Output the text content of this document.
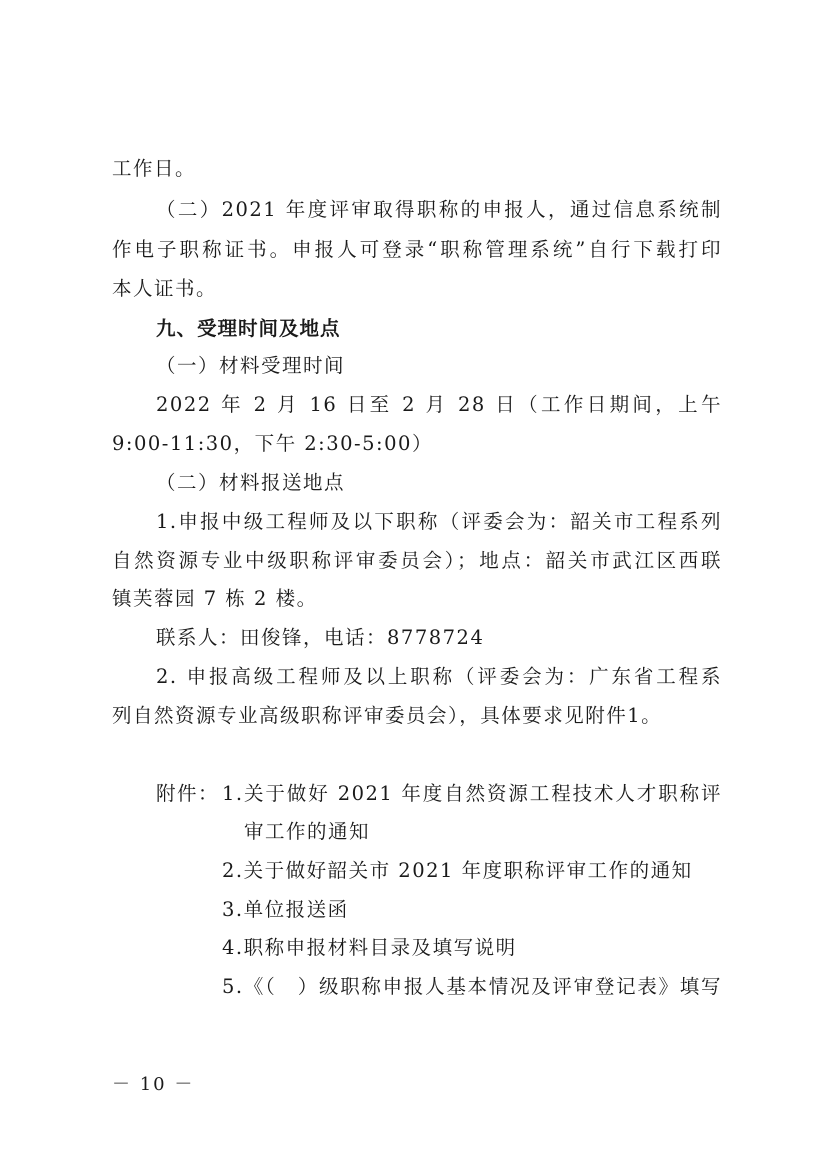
工作日。
（二）2021 年度评审取得职称的申报人，通过信息系统制
作电子职称证书。申报人可登录“职称管理系统”自行下载打印
本人证书。
九、受理时间及地点
（一）材料受理时间
2022 年 2 月 16 日至 2 月 28 日（工作日期间，上午
9:00-11:30，下午 2:30-5:00）
（二）材料报送地点
1.申报中级工程师及以下职称（评委会为：韶关市工程系列
自然资源专业中级职称评审委员会）；地点：韶关市武江区西联
镇芙蓉园 7 栋 2 楼。
联系人：田俊锋，电话：8778724
2. 申报高级工程师及以上职称（评委会为：广东省工程系
列自然资源专业高级职称评审委员会），具体要求见附件1。
附件： 1.关于做好 2021 年度自然资源工程技术人才职称评
审工作的通知
2.关于做好韶关市 2021 年度职称评审工作的通知
3.单位报送函
4.职称申报材料目录及填写说明
5.《（　）级职称申报人基本情况及评审登记表》填写
－ 10 －
